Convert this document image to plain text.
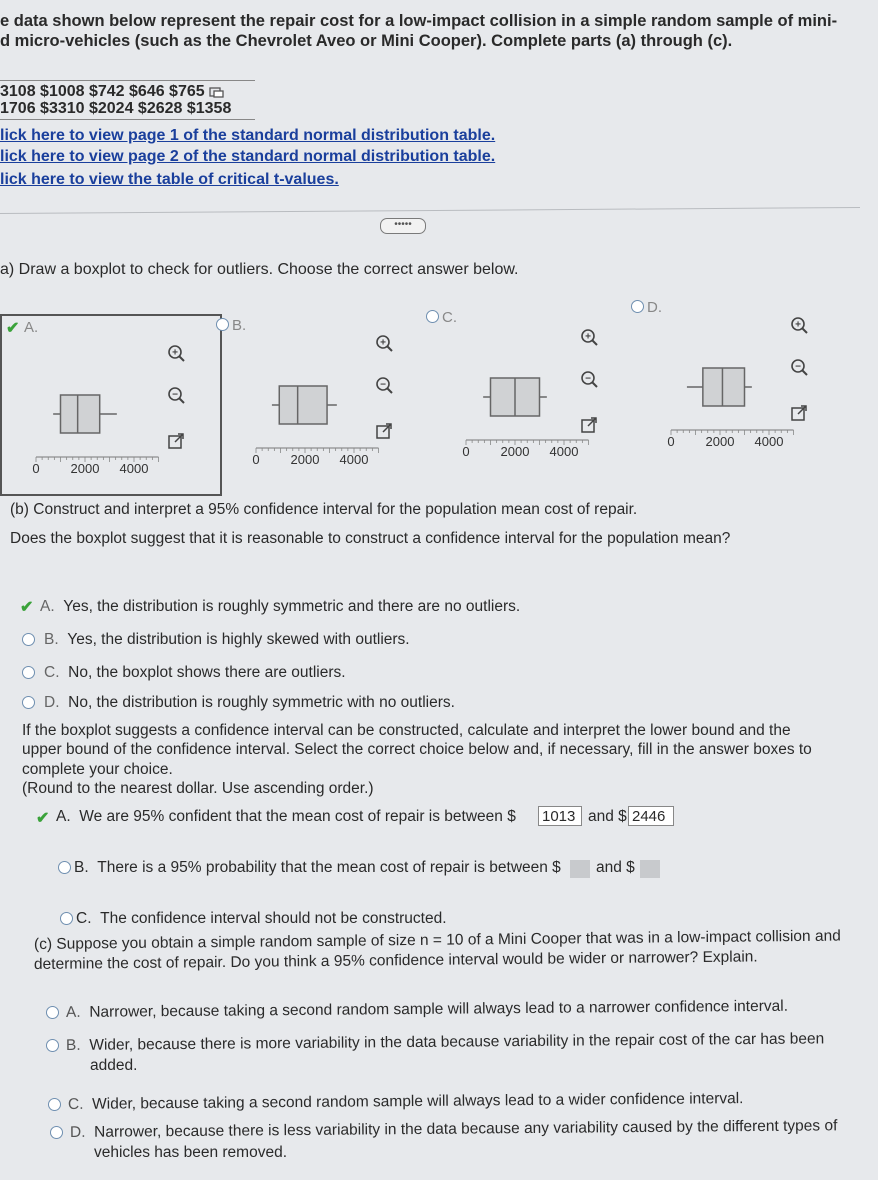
e data shown below represent the repair cost for a low-impact collision in a simple random sample of mini-
d micro-vehicles (such as the Chevrolet Aveo or Mini Cooper). Complete parts (a) through (c).
3108 $1008 $742 $646 $765
1706 $3310 $2024 $2628 $1358
lick here to view page 1 of the standard normal distribution table.
lick here to view page 2 of the standard normal distribution table.
lick here to view the table of critical t-values.
•••••
a) Draw a boxplot to check for outliers. Choose the correct answer below.
✔ A.
0 2000 4000
+
−
B.
0 2000 4000
+
−
C.
0 2000 4000
+
−
D.
0 2000 4000
+
−
(b) Construct and interpret a 95% confidence interval for the population mean cost of repair.
Does the boxplot suggest that it is reasonable to construct a confidence interval for the population mean?
✔ A. Yes, the distribution is roughly symmetric and there are no outliers.
B. Yes, the distribution is highly skewed with outliers.
C. No, the boxplot shows there are outliers.
D. No, the distribution is roughly symmetric with no outliers.
If the boxplot suggests a confidence interval can be constructed, calculate and interpret the lower bound and the
upper bound of the confidence interval. Select the correct choice below and, if necessary, fill in the answer boxes to
complete your choice.
(Round to the nearest dollar. Use ascending order.)
✔ A.  We are 95% confident that the mean cost of repair is between $ 1013 and $ 2446
B.  There is a 95% probability that the mean cost of repair is between $ and $
C.  The confidence interval should not be constructed.
(c) Suppose you obtain a simple random sample of size n = 10 of a Mini Cooper that was in a low-impact collision and
determine the cost of repair. Do you think a 95% confidence interval would be wider or narrower? Explain.
A. Narrower, because taking a second random sample will always lead to a narrower confidence interval.
B. Wider, because there is more variability in the data because variability in the repair cost of the car has been
added.
C. Wider, because taking a second random sample will always lead to a wider confidence interval.
D. Narrower, because there is less variability in the data because any variability caused by the different types of
vehicles has been removed.
